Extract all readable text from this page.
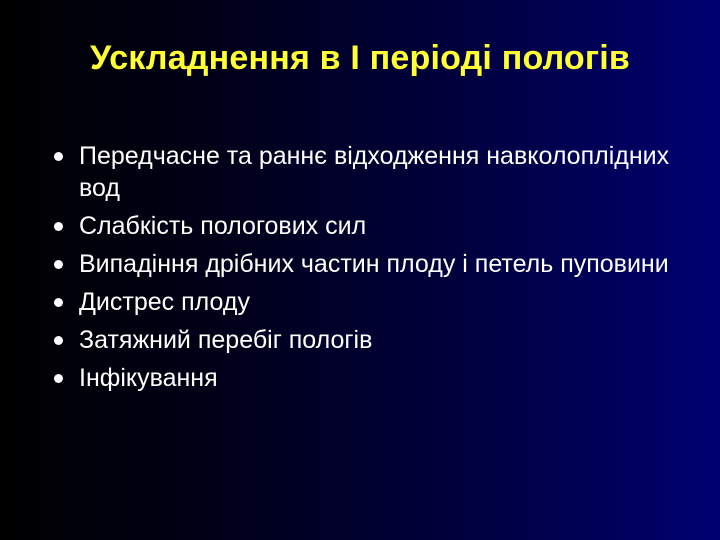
Ускладнення в І періоді пологів
Передчасне та раннє відходження навколоплідних вод
Слабкість пологових сил
Випадіння дрібних частин плоду і петель пуповини
Дистрес плоду
Затяжний перебіг пологів
Інфікування
